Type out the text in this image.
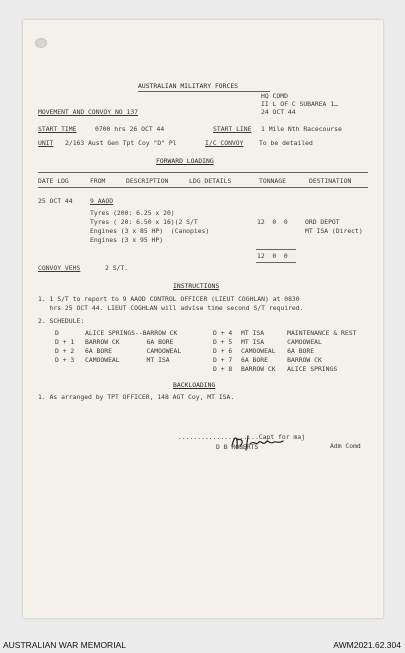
AUSTRALIAN MILITARY FORCES
HQ COMD
II L OF C SUBAREA 1…
24 OCT 44
MOVEMENT AND CONVOY NO 137
START TIME	0700 hrs 26 OCT 44	START LINE 1 Mile Nth Racecourse
UNIT 2/163 Aust Gen Tpt Coy "D" Pl	I/C CONVOY To be detailed
FORWARD LOADING
DATE LDG	FROM	DESCRIPTION	LDG DETAILS	TONNAGE	DESTINATION
25 OCT 44	9 AAOD
Tyres (200: 6.25 x 20)
Tyres ( 20: 6.50 x 16)(2 S/T
Engines (3 x 85 HP)  (Canopies)
Engines (3 x 95 HP)
12  0  0	ORD DEPOT
MT ISA (Direct)
12  0  0
CONVOY VEHS	2 S/T.
INSTRUCTIONS
1. 1 S/T to report to 9 AAOD CONTROL OFFICER (LIEUT COGHLAN) at 0830
hrs 25 OCT 44. LIEUT COGHLAN will advise time second S/T required.
2. SCHEDULE:
D	ALICE SPRINGS--BARROW CK
D + 1 BARROW CK       6A BORE
D + 2 6A BORE         CAMOOWEAL
D + 3 CAMOOWEAL       MT ISA
D + 4 MT ISA      MAINTENANCE & REST
D + 5 MT ISA      CAMOOWEAL
D + 6 CAMOOWEAL   6A BORE
D + 7 6A BORE     BARROW CK
D + 8 BARROW CK   ALICE SPRINGS
BACKLOADING
1. As arranged by TPT OFFICER, 148 AGT Coy, MT ISA.
.....................Capt for maj
Adm Comd
D B ROBERTS
AUSTRALIAN WAR MEMORIAL	AWM2021.62.304
